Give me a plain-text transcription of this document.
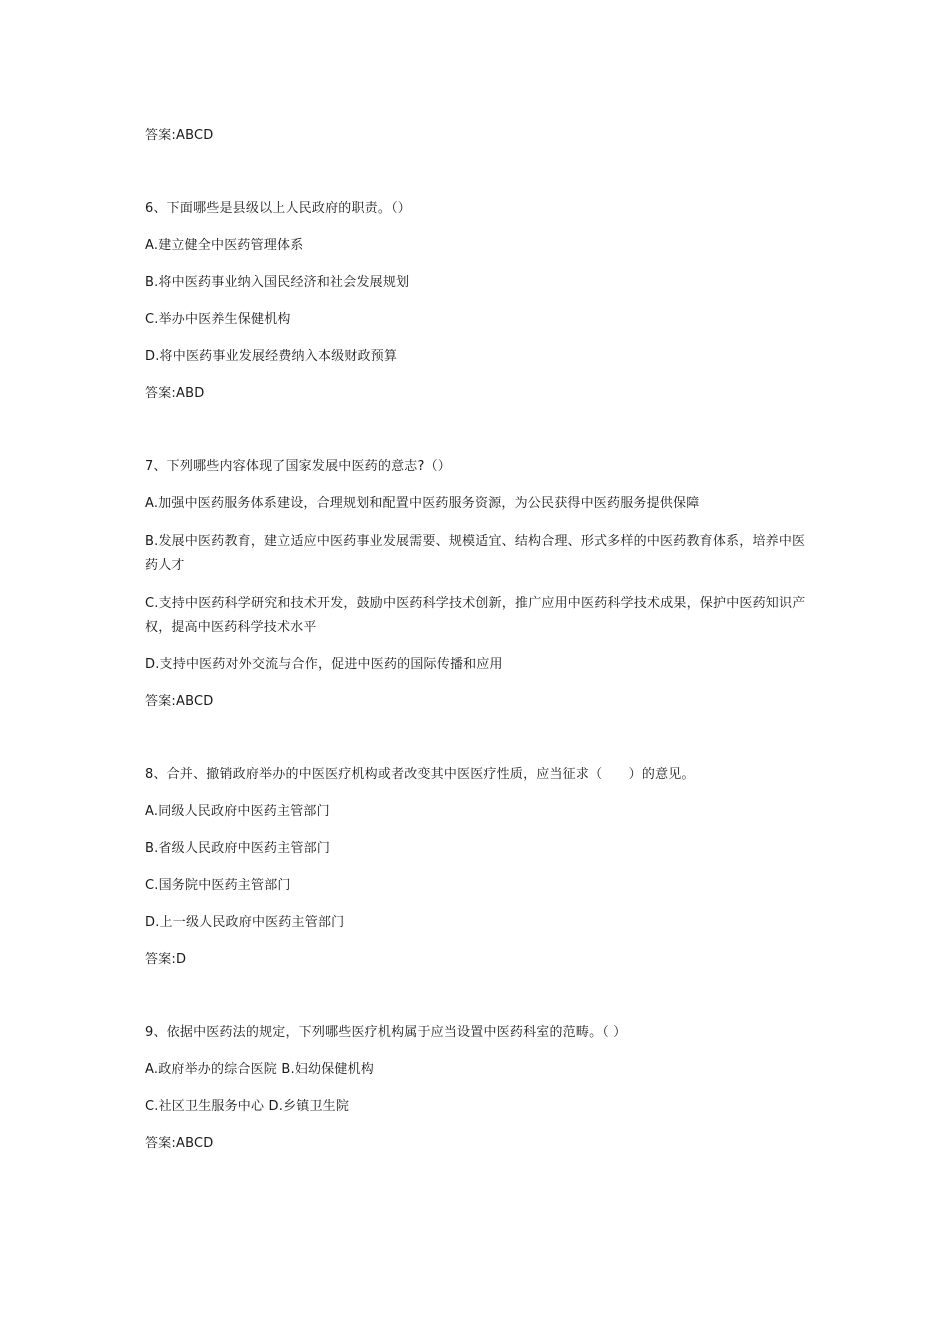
答案:ABCD
6、下面哪些是县级以上人民政府的职责。（）
A.建立健全中医药管理体系
B.将中医药事业纳入国民经济和社会发展规划
C.举办中医养生保健机构
D.将中医药事业发展经费纳入本级财政预算
答案:ABD
7、下列哪些内容体现了国家发展中医药的意志?（）
A.加强中医药服务体系建设，合理规划和配置中医药服务资源，为公民获得中医药服务提供保障
B.发展中医药教育，建立适应中医药事业发展需要、规模适宜、结构合理、形式多样的中医药教育体系，培养中医药人才
C.支持中医药科学研究和技术开发，鼓励中医药科学技术创新，推广应用中医药科学技术成果，保护中医药知识产权，提高中医药科学技术水平
D.支持中医药对外交流与合作，促进中医药的国际传播和应用
答案:ABCD
8、合并、撤销政府举办的中医医疗机构或者改变其中医医疗性质，应当征求（　　）的意见。
A.同级人民政府中医药主管部门
B.省级人民政府中医药主管部门
C.国务院中医药主管部门
D.上一级人民政府中医药主管部门
答案:D
9、依据中医药法的规定，下列哪些医疗机构属于应当设置中医药科室的范畴。（ ）
A.政府举办的综合医院 B.妇幼保健机构
C.社区卫生服务中心 D.乡镇卫生院
答案:ABCD
